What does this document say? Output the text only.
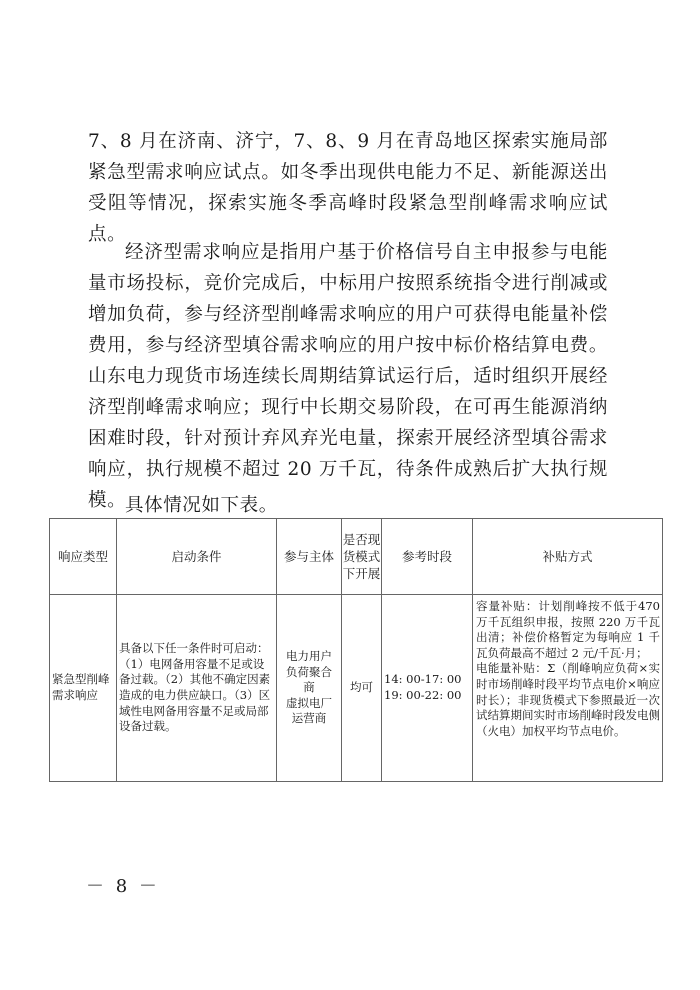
7、8 月在济南、济宁，7、8、9 月在青岛地区探索实施局部紧急型需求响应试点。如冬季出现供电能力不足、新能源送出受阻等情况，探索实施冬季高峰时段紧急型削峰需求响应试点。

经济型需求响应是指用户基于价格信号自主申报参与电能量市场投标，竞价完成后，中标用户按照系统指令进行削减或增加负荷，参与经济型削峰需求响应的用户可获得电能量补偿费用，参与经济型填谷需求响应的用户按中标价格结算电费。山东电力现货市场连续长周期结算试运行后，适时组织开展经济型削峰需求响应；现行中长期交易阶段，在可再生能源消纳困难时段，针对预计弃风弃光电量，探索开展经济型填谷需求响应，执行规模不超过 20 万千瓦，待条件成熟后扩大执行规模。

具体情况如下表。

响应类型	启动条件	参与主体	是否现货模式下开展	参考时段	补贴方式

紧急型削峰需求响应	具备以下任一条件时可启动：（1）电网备用容量不足或设备过载。（2）其他不确定因素造成的电力供应缺口。（3）区域性电网备用容量不足或局部设备过载。	电力用户
负荷聚合
商
虚拟电厂
运营商	均可	14: 00-17: 00
19: 00-22: 00	容量补贴：计划削峰按不低于470 万千瓦组织申报，按照 220 万千瓦出清；补偿价格暂定为每响应 1 千瓦负荷最高不超过 2 元/千瓦·月；
电能量补贴：Σ（削峰响应负荷×实时市场削峰时段平均节点电价×响应时长）；非现货模式下参照最近一次试结算期间实时市场削峰时段发电侧（火电）加权平均节点电价。
－ 8 －
